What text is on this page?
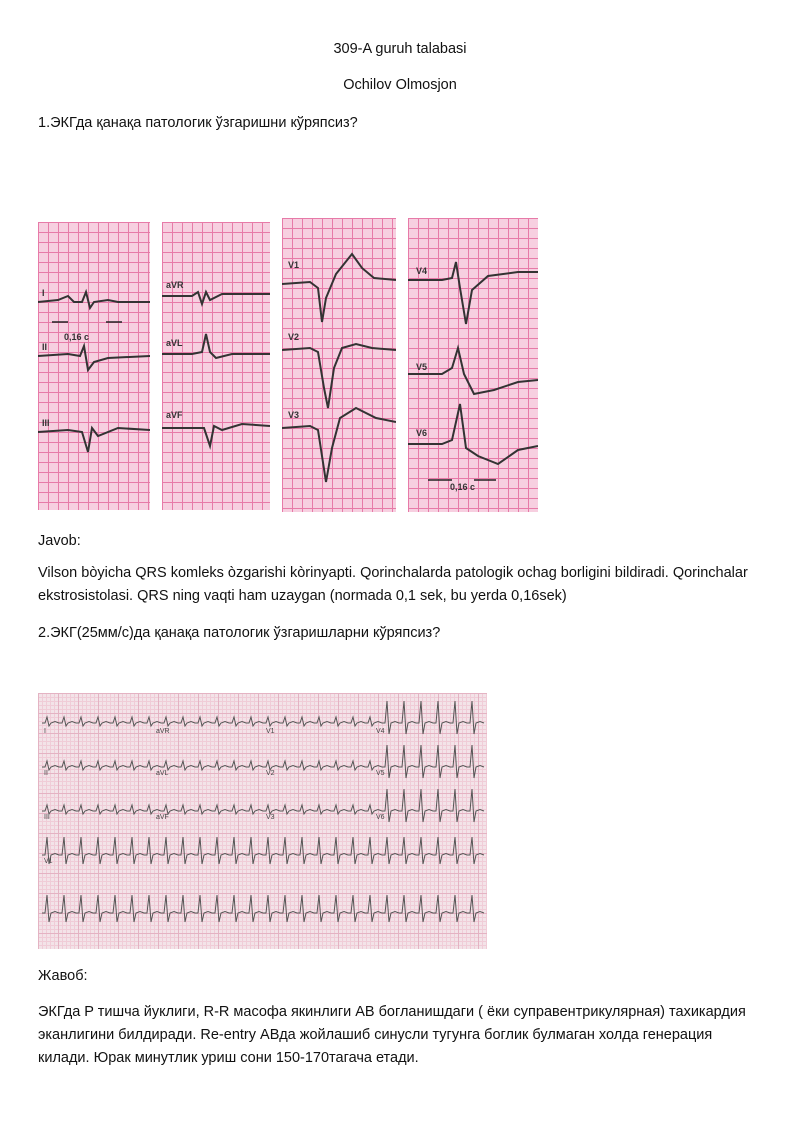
309-A guruh talabasi
Ochilov Olmosjon
1.ЭКГда қанақа патологик ўзгаришни кўряпсиз?
I
0,16 c
II
III
aVR
aVL
aVF
V1
V2
V3
V4
V5
V6
0,16 c
Javob:
Vilson bòyicha QRS komleks òzgarishi kòrinyapti. Qorinchalarda patologik ochag borligini bildiradi. Qorinchalar
ekstrosistolasi. QRS ning vaqti ham uzaygan (normada 0,1 sek, bu yerda 0,16sek)
2.ЭКГ(25мм/с)да қанақа патологик ўзгаришларни кўряпсиз?
I	aVR	V1	V4
II	aVL	V2	V5
III	aVF	V3	V6
V1
Жавоб:
ЭКГда P тишча йуклиги, R-R масофа якинлиги АВ богланишдаги ( ёки суправентрикулярная) тахикардия
эканлигини билдиради. Re-entry АВда жойлашиб синусли тугунга боглик булмаган холда генерация
килади. Юрак минутлик уриш сони 150-170тагача етади.
